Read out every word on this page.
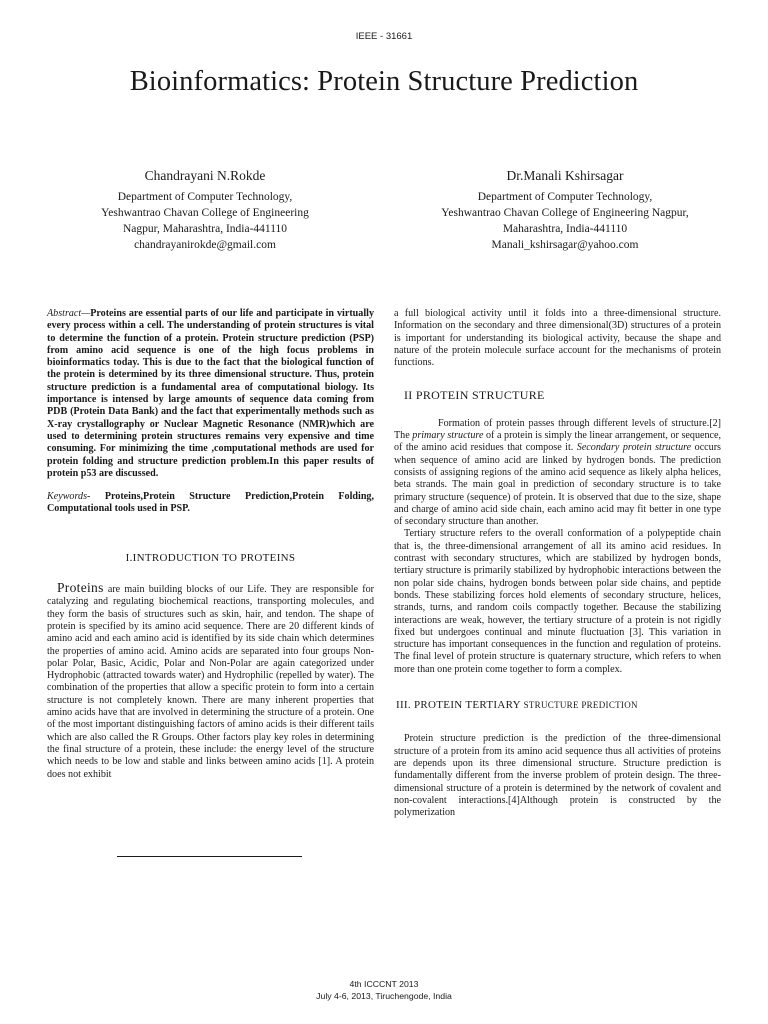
IEEE - 31661
Bioinformatics: Protein Structure Prediction
Chandrayani N.Rokde
Department of Computer Technology,
Yeshwantrao Chavan College of Engineering
Nagpur, Maharashtra, India-441110
chandrayanirokde@gmail.com
Dr.Manali Kshirsagar
Department of Computer Technology,
Yeshwantrao Chavan College of Engineering Nagpur,
Maharashtra, India-441110
Manali_kshirsagar@yahoo.com

Abstract—Proteins are essential parts of our life and participate in virtually every process within a cell. The understanding of protein structures is vital to determine the function of a protein. Protein structure prediction (PSP) from amino acid sequence is one of the high focus problems in bioinformatics today. This is due to the fact that the biological function of the protein is determined by its three dimensional structure. Thus, protein structure prediction is a fundamental area of computational biology. Its importance is intensed by large amounts of sequence data coming from PDB (Protein Data Bank) and the fact that experimentally methods such as X-ray crystallography or Nuclear Magnetic Resonance (NMR)which are used to determining protein structures remains very expensive and time consuming. For minimizing the time ,computational methods are used for protein folding and structure prediction problem.In this paper results of protein p53 are discussed.

Keywords- Proteins,Protein Structure Prediction,Protein Folding, Computational tools used in PSP.

I.INTRODUCTION TO PROTEINS

Proteins are main building blocks of our Life. They are responsible for catalyzing and regulating biochemical reactions, transporting molecules, and they form the basis of structures such as skin, hair, and tendon. The shape of protein is specified by its amino acid sequence. There are 20 different kinds of amino acid and each amino acid is identified by its side chain which determines the properties of amino acid. Amino acids are separated into four groups Non- polar Polar, Basic, Acidic, Polar and Non-Polar are again categorized under Hydrophobic (attracted towards water) and Hydrophilic (repelled by water). The combination of the properties that allow a specific protein to form into a certain structure is not completely known. There are many inherent properties that amino acids have that are involved in determining the structure of a protein. One of the most important distinguishing factors of amino acids is their different tails which are also called the R Groups. Other factors play key roles in determining the final structure of a protein, these include: the energy level of the structure which needs to be low and stable and links between amino acids [1]. A protein does not exhibit

a full biological activity until it folds into a three-dimensional structure. Information on the secondary and three dimensional(3D) structures of a protein is important for understanding its biological activity, because the shape and nature of the protein molecule surface account for the mechanisms of protein functions.

II PROTEIN STRUCTURE

Formation of protein passes through different levels of structure.[2] The primary structure of a protein is simply the linear arrangement, or sequence, of the amino acid residues that compose it. Secondary protein structure occurs when sequence of amino acid are linked by hydrogen bonds. The prediction consists of assigning regions of the amino acid sequence as likely alpha helices, beta strands. The main goal in prediction of secondary structure is to take primary structure (sequence) of protein. It is observed that due to the size, shape and charge of amino acid side chain, each amino acid may fit better in one type of secondary structure than another.

Tertiary structure refers to the overall conformation of a polypeptide chain that is, the three-dimensional arrangement of all its amino acid residues. In contrast with secondary structures, which are stabilized by hydrogen bonds, tertiary structure is primarily stabilized by hydrophobic interactions between the non polar side chains, hydrogen bonds between polar side chains, and peptide bonds. These stabilizing forces hold elements of secondary structure, helices, strands, turns, and random coils compactly together. Because the stabilizing interactions are weak, however, the tertiary structure of a protein is not rigidly fixed but undergoes continual and minute fluctuation [3]. This variation in structure has important consequences in the function and regulation of proteins. The final level of protein structure is quaternary structure, which refers to when more than one protein come together to form a complex.

III. PROTEIN TERTIARY STRUCTURE PREDICTION

Protein structure prediction is the prediction of the three-dimensional structure of a protein from its amino acid sequence thus all activities of proteins are depends upon its three dimensional structure. Structure prediction is fundamentally different from the inverse problem of protein design. The three-dimensional structure of a protein is determined by the network of covalent and non-covalent interactions.[4]Although protein is constructed by the polymerization

4th ICCCNT 2013
July 4-6, 2013, Tiruchengode, India
